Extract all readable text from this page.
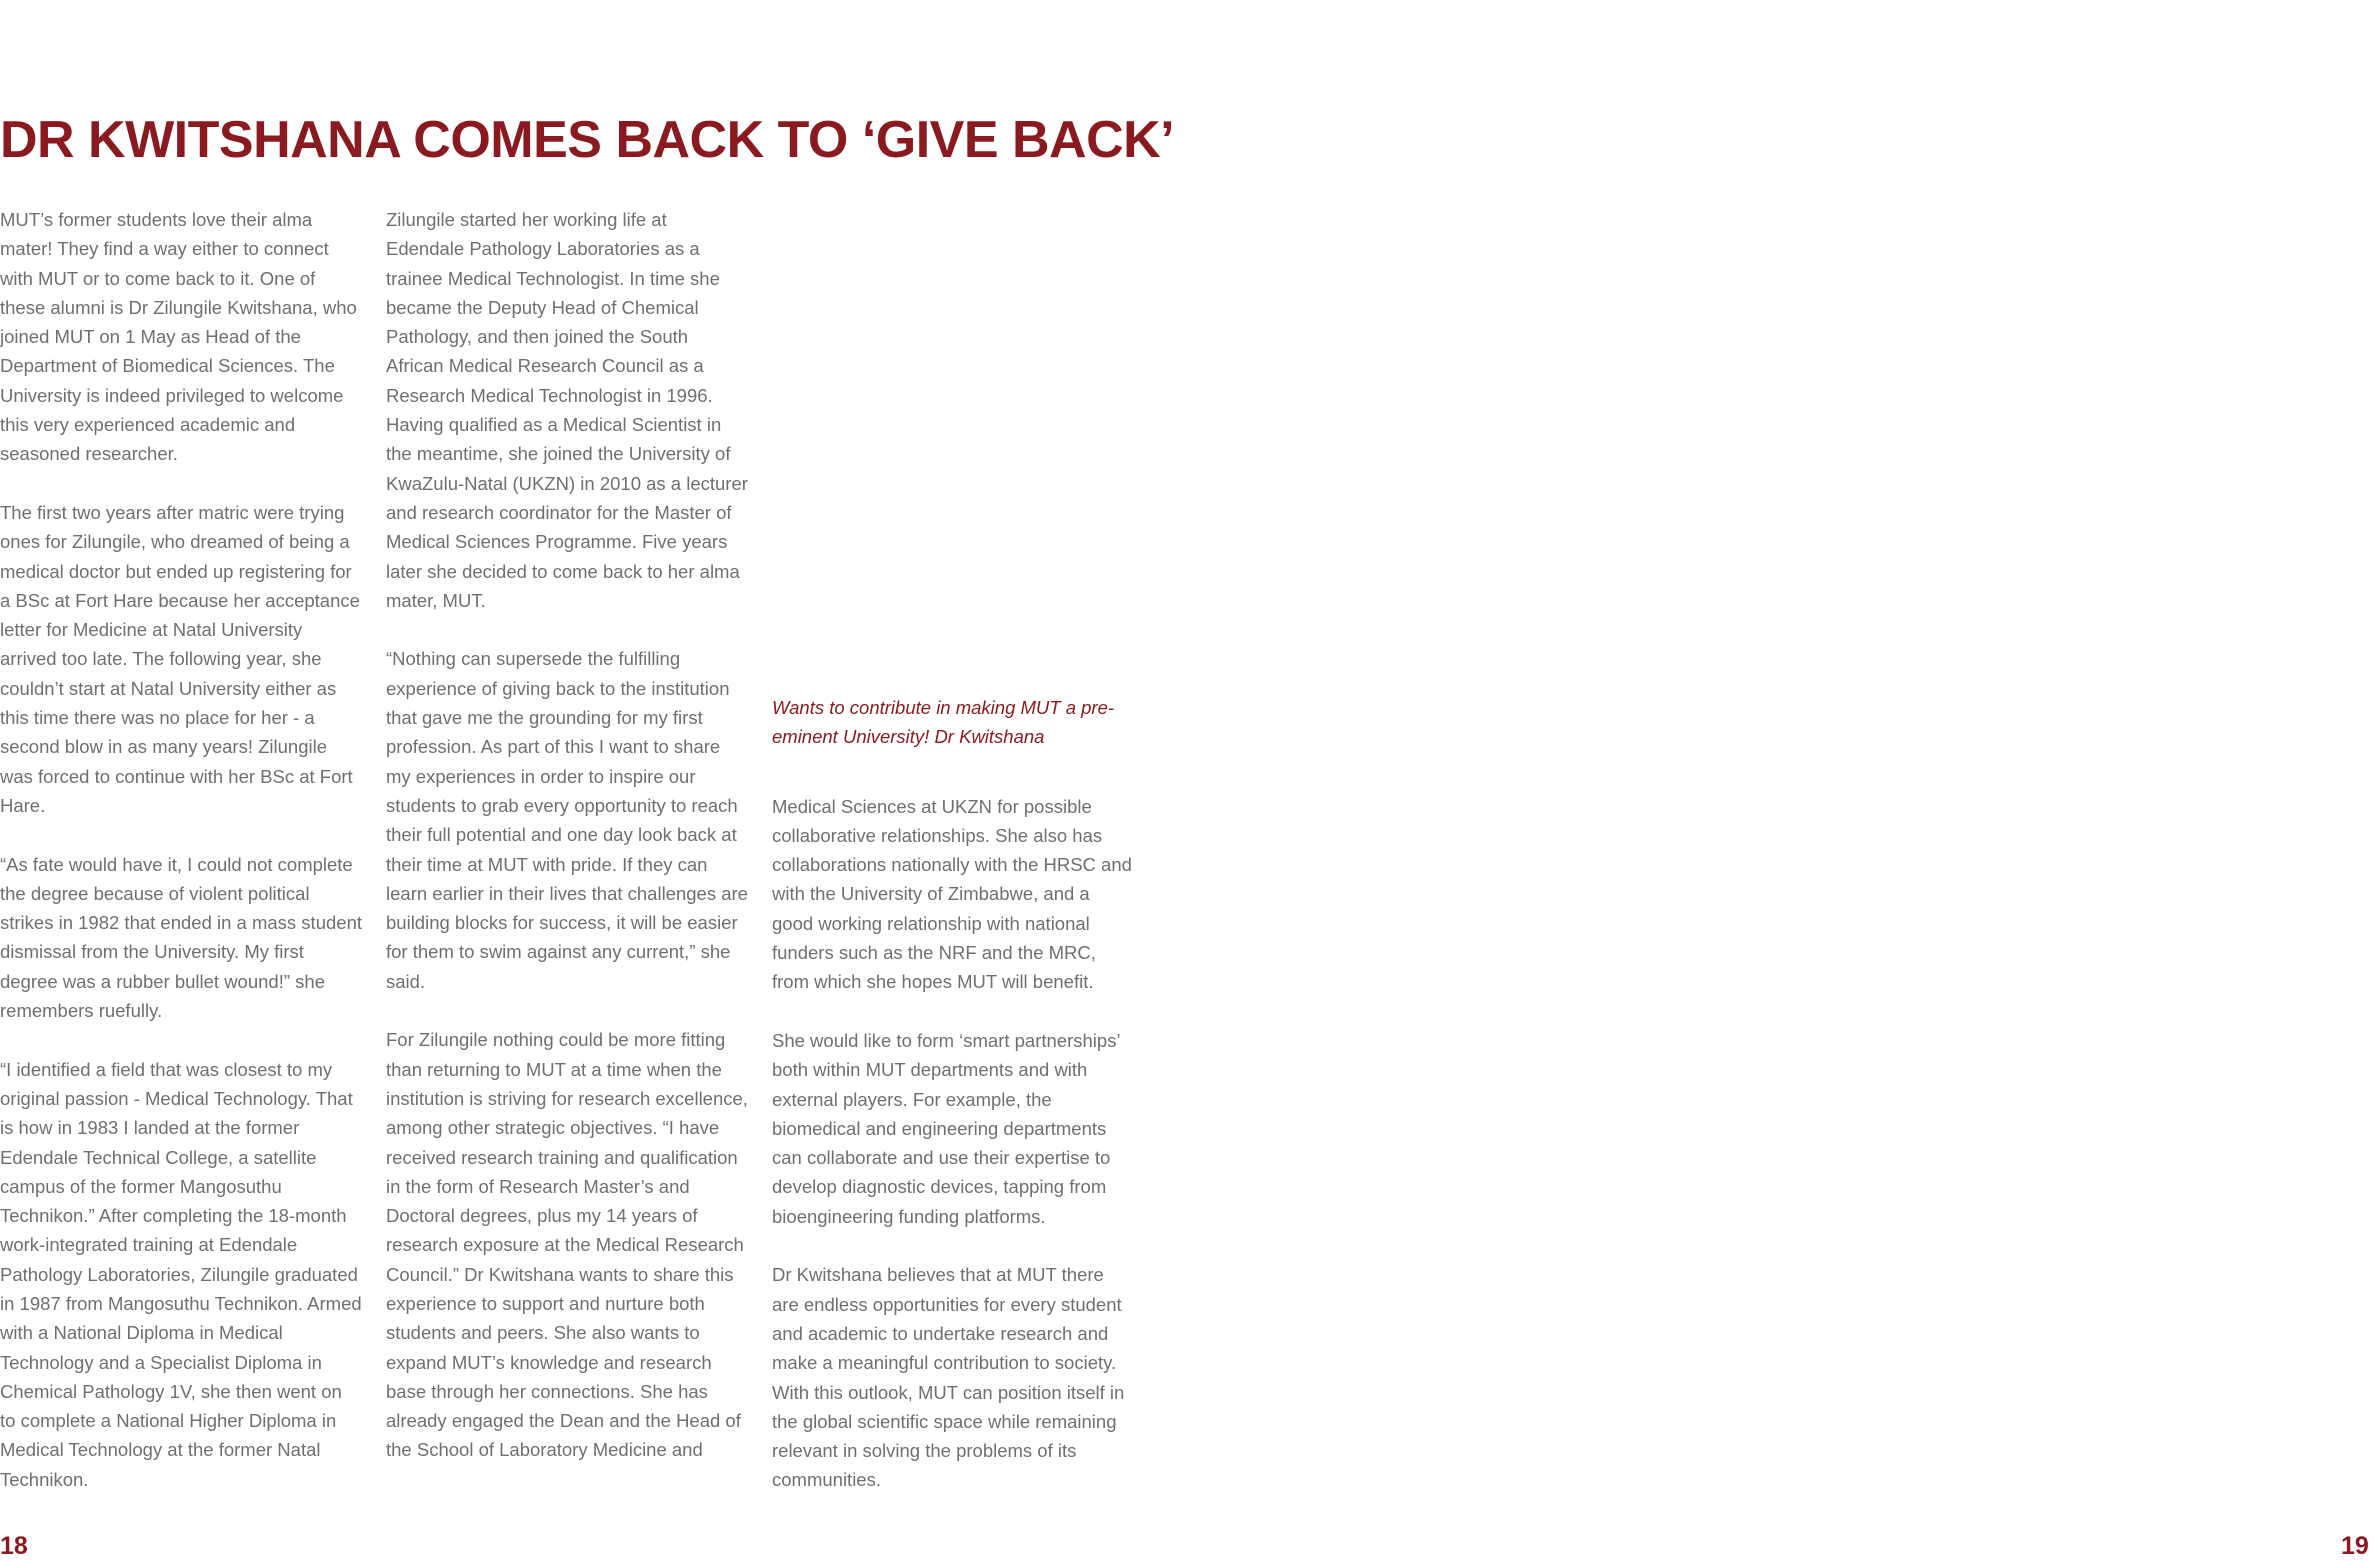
DR KWITSHANA COMES BACK TO ‘GIVE BACK’

MUT’s former students love their alma mater! They find a way either to connect with MUT or to come back to it. One of these alumni is Dr Zilungile Kwitshana, who joined MUT on 1 May as Head of the Department of Biomedical Sciences. The University is indeed privileged to welcome this very experienced academic and seasoned researcher.

The first two years after matric were trying ones for Zilungile, who dreamed of being a medical doctor but ended up registering for a BSc at Fort Hare because her acceptance letter for Medicine at Natal University arrived too late. The following year, she couldn’t start at Natal University either as this time there was no place for her - a second blow in as many years! Zilungile was forced to continue with her BSc at Fort Hare.

“As fate would have it, I could not complete the degree because of violent political strikes in 1982 that ended in a mass student dismissal from the University. My first degree was a rubber bullet wound!” she remembers ruefully.

“I identified a field that was closest to my original passion - Medical Technology. That is how in 1983 I landed at the former Edendale Technical College, a satellite campus of the former Mangosuthu Technikon.” After completing the 18-month work-integrated training at Edendale Pathology Laboratories, Zilungile graduated in 1987 from Mangosuthu Technikon. Armed with a National Diploma in Medical Technology and a Specialist Diploma in Chemical Pathology 1V, she then went on to complete a National Higher Diploma in Medical Technology at the former Natal Technikon.

Zilungile started her working life at Edendale Pathology Laboratories as a trainee Medical Technologist. In time she became the Deputy Head of Chemical Pathology, and then joined the South African Medical Research Council as a Research Medical Technologist in 1996. Having qualified as a Medical Scientist in the meantime, she joined the University of KwaZulu-Natal (UKZN) in 2010 as a lecturer and research coordinator for the Master of Medical Sciences Programme. Five years later she decided to come back to her alma mater, MUT.

“Nothing can supersede the fulfilling experience of giving back to the institution that gave me the grounding for my first profession. As part of this I want to share my experiences in order to inspire our students to grab every opportunity to reach their full potential and one day look back at their time at MUT with pride. If they can learn earlier in their lives that challenges are building blocks for success, it will be easier for them to swim against any current,” she said.

For Zilungile nothing could be more fitting than returning to MUT at a time when the institution is striving for research excellence, among other strategic objectives. “I have received research training and qualification in the form of Research Master’s and Doctoral degrees, plus my 14 years of research exposure at the Medical Research Council.” Dr Kwitshana wants to share this experience to support and nurture both students and peers. She also wants to expand MUT’s knowledge and research base through her connections. She has already engaged the Dean and the Head of the School of Laboratory Medicine and

Wants to contribute in making MUT a pre-eminent University! Dr Kwitshana

Medical Sciences at UKZN for possible collaborative relationships. She also has collaborations nationally with the HRSC and with the University of Zimbabwe, and a good working relationship with national funders such as the NRF and the MRC, from which she hopes MUT will benefit.

She would like to form ‘smart partnerships’ both within MUT departments and with external players. For example, the biomedical and engineering departments can collaborate and use their expertise to develop diagnostic devices, tapping from bioengineering funding platforms.

Dr Kwitshana believes that at MUT there are endless opportunities for every student and academic to undertake research and make a meaningful contribution to society. With this outlook, MUT can position itself in the global scientific space while remaining relevant in solving the problems of its communities.

18	19
